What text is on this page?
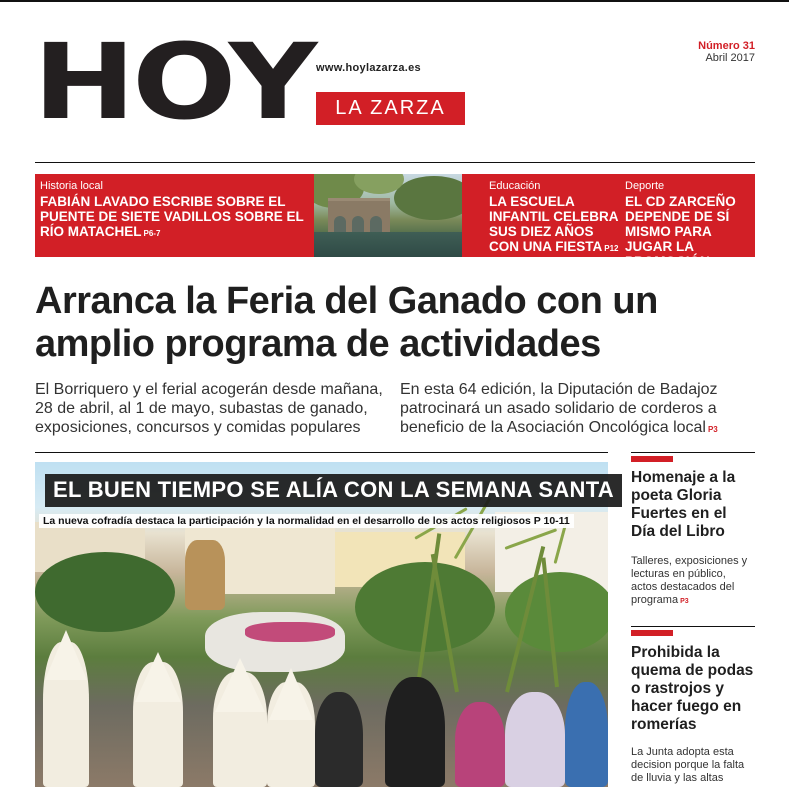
HOY www.hoylazarza.es
LA ZARZA
Número 31
Abril 2017
Historia local
FABIÁN LAVADO ESCRIBE SOBRE EL PUENTE DE SIETE VADILLOS SOBRE EL RÍO MATACHEL P6-7
Educación
LA ESCUELA INFANTIL CELEBRA SUS DIEZ AÑOS CON UNA FIESTA P12
Deporte
EL CD ZARCEÑO DEPENDE DE SÍ MISMO PARA JUGAR LA PROMOCIÓN P15
Arranca la Feria del Ganado con un amplio programa de actividades

El Borriquero y el ferial acogerán desde mañana, 28 de abril, al 1 de mayo, subastas de ganado, exposiciones, concursos y comidas populares

En esta 64 edición, la Diputación de Badajoz patrocinará un asado solidario de corderos a beneficio de la Asociación Oncológica local P3

EL BUEN TIEMPO SE ALÍA CON LA SEMANA SANTA
La nueva cofradía destaca la participación y la normalidad en el desarrollo de los actos religiosos P 10-11
Homenaje a la poeta Gloria Fuertes en el Día del Libro
Talleres, exposiciones y lecturas en público, actos destacados del programa P3
Prohibida la quema de podas o rastrojos y hacer fuego en romerías
La Junta adopta esta decision porque la falta de lluvia y las altas
